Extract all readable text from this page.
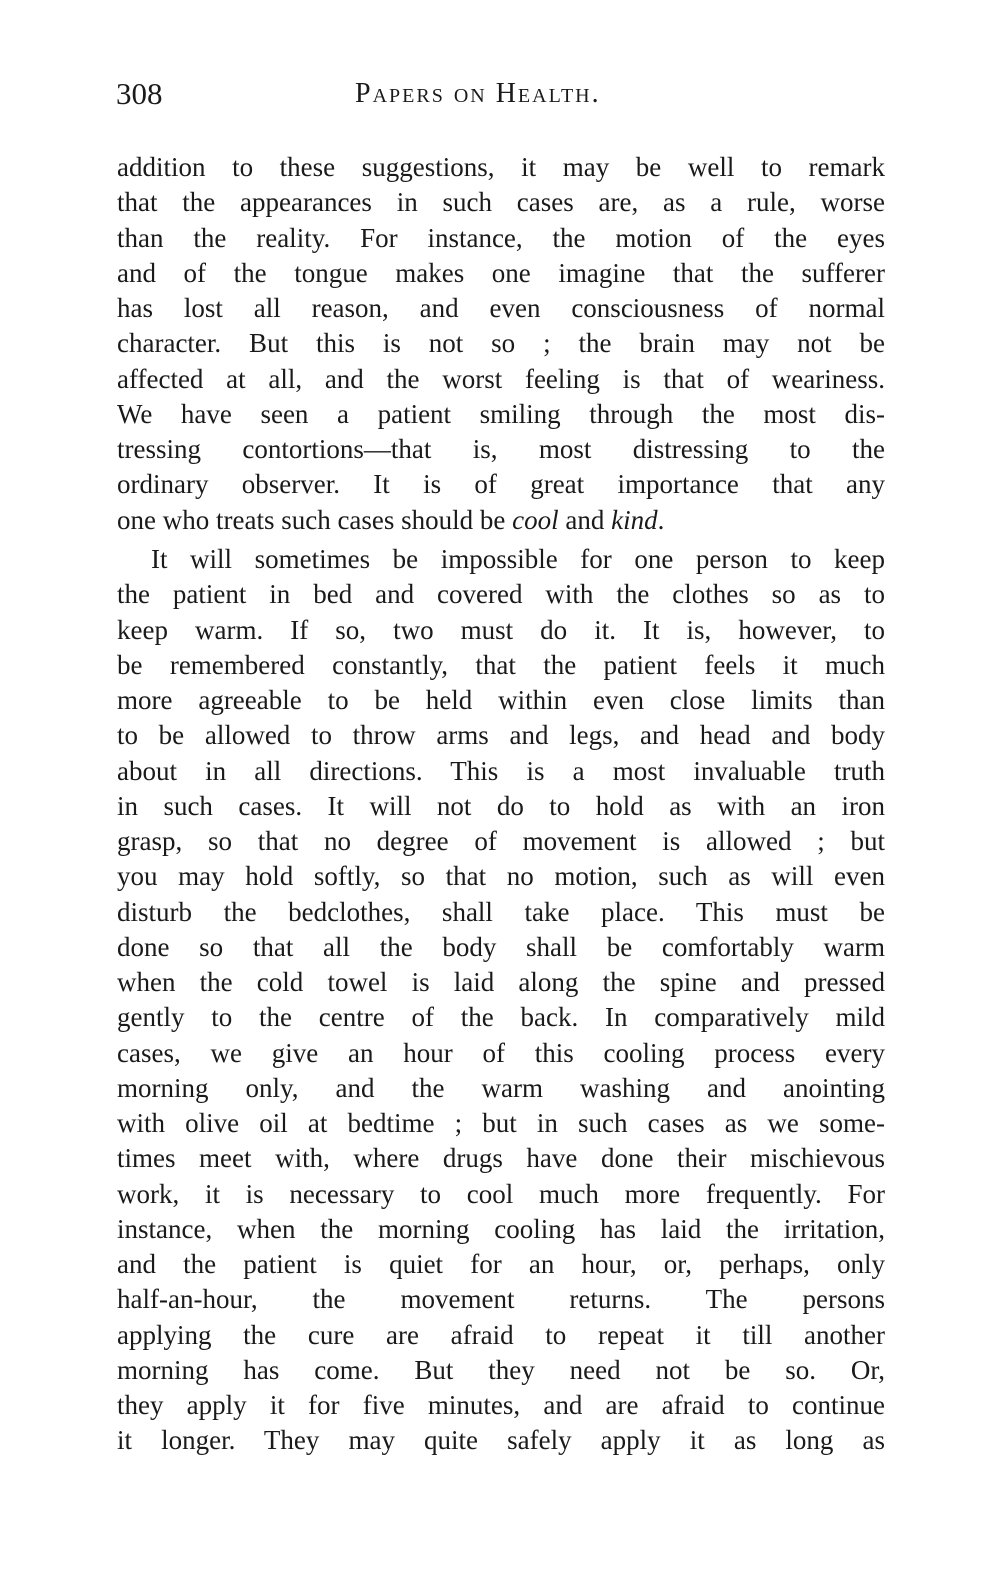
308	Papers on Health.
addition to these suggestions, it may be well to remark
that the appearances in such cases are, as a rule, worse
than the reality. For instance, the motion of the eyes
and of the tongue makes one imagine that the sufferer
has lost all reason, and even consciousness of normal
character. But this is not so ; the brain may not be
affected at all, and the worst feeling is that of weariness.
We have seen a patient smiling through the most dis-
tressing contortions—that is, most distressing to the
ordinary observer. It is of great importance that any
one who treats such cases should be cool and kind.
It will sometimes be impossible for one person to keep
the patient in bed and covered with the clothes so as to
keep warm. If so, two must do it. It is, however, to
be remembered constantly, that the patient feels it much
more agreeable to be held within even close limits than
to be allowed to throw arms and legs, and head and body
about in all directions. This is a most invaluable truth
in such cases. It will not do to hold as with an iron
grasp, so that no degree of movement is allowed ; but
you may hold softly, so that no motion, such as will even
disturb the bedclothes, shall take place. This must be
done so that all the body shall be comfortably warm
when the cold towel is laid along the spine and pressed
gently to the centre of the back. In comparatively mild
cases, we give an hour of this cooling process every
morning only, and the warm washing and anointing
with olive oil at bedtime ; but in such cases as we some-
times meet with, where drugs have done their mischievous
work, it is necessary to cool much more frequently. For
instance, when the morning cooling has laid the irritation,
and the patient is quiet for an hour, or, perhaps, only
half-an-hour, the movement returns. The persons
applying the cure are afraid to repeat it till another
morning has come. But they need not be so. Or,
they apply it for five minutes, and are afraid to continue
it longer. They may quite safely apply it as long as
